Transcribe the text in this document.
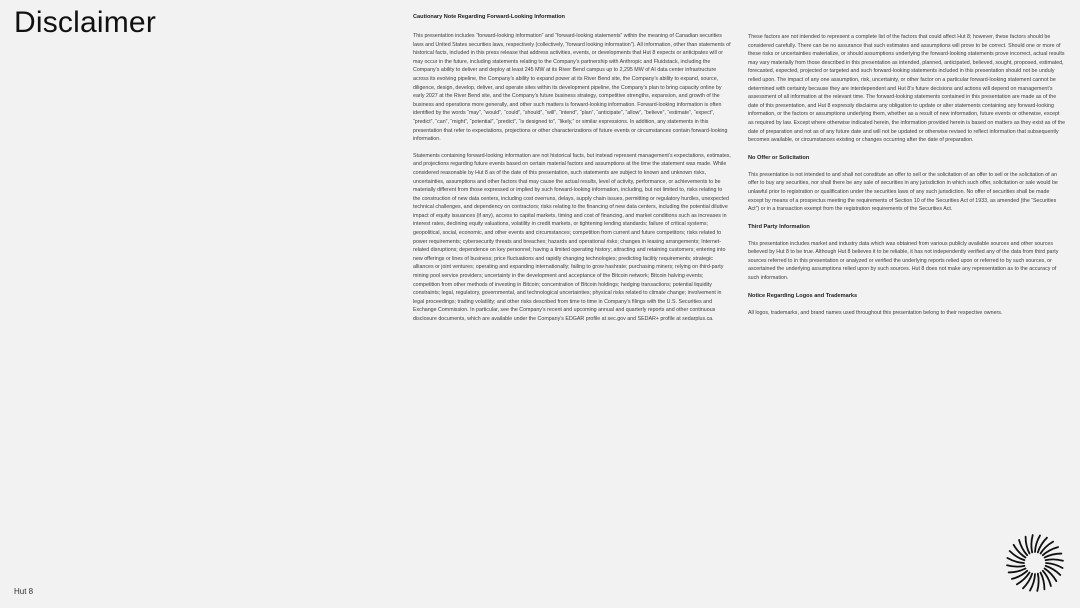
Disclaimer	Cautionary Note Regarding Forward-Looking Information

This presentation includes “forward-looking information” and “forward-looking statements” within the meaning of Canadian securities laws and United States securities laws, respectively (collectively, “forward looking information”). All information, other than statements of historical facts, included in this press release that address activities, events, or developments that Hut 8 expects or anticipates will or may occur in the future, including statements relating to the Company’s partnership with Anthropic and Fluidstack, including the Company’s ability to deliver and deploy at least 245 MW at its River Bend campus up to 2,295 MW of AI data center infrastructure across its evolving pipeline, the Company’s ability to expand power at its River Bend site, the Company’s ability to expand, source, diligence, design, develop, deliver, and operate sites within its development pipeline, the Company’s plan to bring capacity online by early 2027 at the River Bend site, and the Company’s future business strategy, competitive strengths, expansion, and growth of the business and operations more generally, and other such matters is forward-looking information. Forward-looking information is often identified by the words “may”, “would”, “could”, “should”, “will”, “intend”, “plan”, “anticipate”, “allow”, “believe”, “estimate”, “expect”, “predict”, “can”, “might”, “potential”, “predict”, “is designed to”, “likely,” or similar expressions. In addition, any statements in this presentation that refer to expectations, projections or other characterizations of future events or circumstances contain forward-looking information.

Statements containing forward-looking information are not historical facts, but instead represent management’s expectations, estimates, and projections regarding future events based on certain material factors and assumptions at the time the statement was made. While considered reasonable by Hut 8 as of the date of this presentation, such statements are subject to known and unknown risks, uncertainties, assumptions and other factors that may cause the actual results, level of activity, performance, or achievements to be materially different from those expressed or implied by such forward-looking information, including, but not limited to, risks relating to the construction of new data centers, including cost overruns, delays, supply chain issues, permitting or regulatory hurdles, unexpected technical challenges, and dependency on contractors; risks relating to the financing of new data centers, including the potential dilutive impact of equity issuances (if any), access to capital markets, timing and cost of financing, and market conditions such as increases in interest rates, declining equity valuations, volatility in credit markets, or tightening lending standards; failure of critical systems; geopolitical, social, economic, and other events and circumstances; competition from current and future competitors; risks related to power requirements; cybersecurity threats and breaches; hazards and operational risks; changes in leasing arrangements; Internet-related disruptions; dependence on key personnel; having a limited operating history; attracting and retaining customers; entering into new offerings or lines of business; price fluctuations and rapidly changing technologies; predicting facility requirements; strategic alliances or joint ventures; operating and expanding internationally; failing to grow hashrate; purchasing miners; relying on third-party mining pool service providers; uncertainty in the development and acceptance of the Bitcoin network; Bitcoin halving events; competition from other methods of investing in Bitcoin; concentration of Bitcoin holdings; hedging transactions; potential liquidity constraints; legal, regulatory, governmental, and technological uncertainties; physical risks related to climate change; involvement in legal proceedings; trading volatility; and other risks described from time to time in Company’s filings with the U.S. Securities and Exchange Commission. In particular, see the Company’s recent and upcoming annual and quarterly reports and other continuous disclosure documents, which are available under the Company’s EDGAR profile at sec.gov and SEDAR+ profile at sedarplus.ca.

These factors are not intended to represent a complete list of the factors that could affect Hut 8; however, these factors should be considered carefully. There can be no assurance that such estimates and assumptions will prove to be correct. Should one or more of these risks or uncertainties materialize, or should assumptions underlying the forward-looking statements prove incorrect, actual results may vary materially from those described in this presentation as intended, planned, anticipated, believed, sought, proposed, estimated, forecasted, expected, projected or targeted and such forward-looking statements included in this presentation should not be unduly relied upon. The impact of any one assumption, risk, uncertainty, or other factor on a particular forward-looking statement cannot be determined with certainty because they are interdependent and Hut 8’s future decisions and actions will depend on management’s assessment of all information at the relevant time. The forward-looking statements contained in this presentation are made as of the date of this presentation, and Hut 8 expressly disclaims any obligation to update or alter statements containing any forward-looking information, or the factors or assumptions underlying them, whether as a result of new information, future events or otherwise, except as required by law. Except where otherwise indicated herein, the information provided herein is based on matters as they exist as of the date of preparation and not as of any future date and will not be updated or otherwise revised to reflect information that subsequently becomes available, or circumstances existing or changes occurring after the date of preparation.

No Offer or Solicitation

This presentation is not intended to and shall not constitute an offer to sell or the solicitation of an offer to sell or the solicitation of an offer to buy any securities, nor shall there be any sale of securities in any jurisdiction in which such offer, solicitation or sale would be unlawful prior to registration or qualification under the securities laws of any such jurisdiction. No offer of securities shall be made except by means of a prospectus meeting the requirements of Section 10 of the Securities Act of 1933, as amended (the “Securities Act”) or in a transaction exempt from the registration requirements of the Securities Act.

Third Party Information

This presentation includes market and industry data which was obtained from various publicly available sources and other sources believed by Hut 8 to be true. Although Hut 8 believes it to be reliable, it has not independently verified any of the data from third party sources referred to in this presentation or analyzed or verified the underlying reports relied upon or referred to by such sources, or ascertained the underlying assumptions relied upon by such sources. Hut 8 does not make any representation as to the accuracy of such information.

Notice Regarding Logos and Trademarks

All logos, trademarks, and brand names used throughout this presentation belong to their respective owners.

Hut 8
